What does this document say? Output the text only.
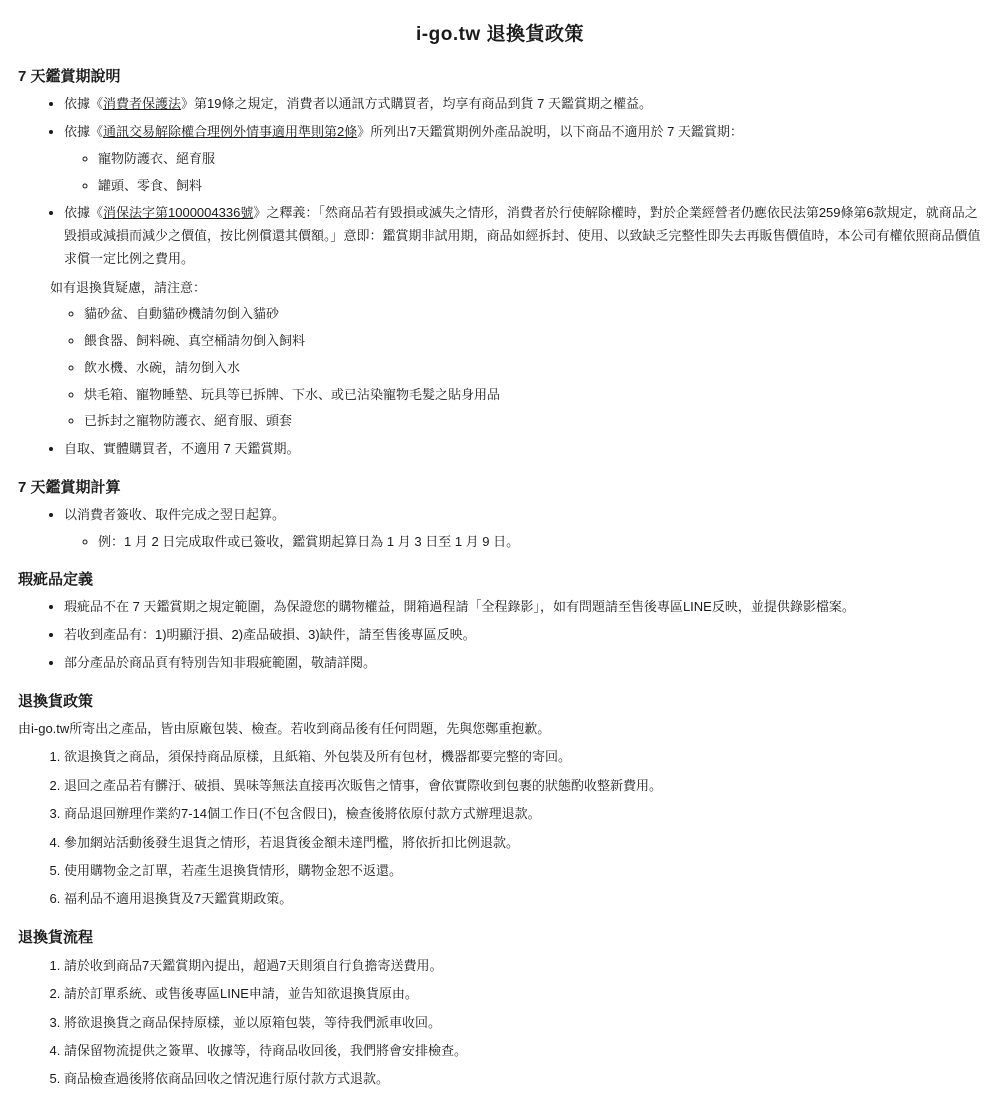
i-go.tw 退換貨政策
7 天鑑賞期說明
• 依據《消費者保護法》第19條之規定，消費者以通訊方式購買者，均享有商品到貨 7 天鑑賞期之權益。
• 依據《通訊交易解除權合理例外情事適用準則第2條》所列出7天鑑賞期例外產品說明，以下商品不適用於 7 天鑑賞期：
◦ 寵物防護衣、絕育服
◦ 罐頭、零食、飼料
• 依據《消保法字第1000004336號》之釋義：「然商品若有毀損或滅失之情形，消費者於行使解除權時，對於企業經營者仍應依民法第259條第6款規定，就商品之毀損或減損而減少之價值，按比例償還其價額。」意即：鑑賞期非試用期，商品如經拆封、使用、以致缺乏完整性即失去再販售價值時，本公司有權依照商品價值求償一定比例之費用。
如有退換貨疑慮，請注意：
◦ 貓砂盆、自動貓砂機請勿倒入貓砂
◦ 餵食器、飼料碗、真空桶請勿倒入飼料
◦ 飲水機、水碗，請勿倒入水
◦ 烘毛箱、寵物睡墊、玩具等已拆牌、下水、或已沾染寵物毛髮之貼身用品
◦ 已拆封之寵物防護衣、絕育服、頭套
• 自取、實體購買者，不適用 7 天鑑賞期。
7 天鑑賞期計算
• 以消費者簽收、取件完成之翌日起算。
◦ 例：1 月 2 日完成取件或已簽收，鑑賞期起算日為 1 月 3 日至 1 月 9 日。
瑕疵品定義
• 瑕疵品不在 7 天鑑賞期之規定範圍，為保證您的購物權益，開箱過程請「全程錄影」，如有問題請至售後專區LINE反映，並提供錄影檔案。
• 若收到產品有：1)明顯汙損、2)產品破損、3)缺件，請至售後專區反映。
• 部分產品於商品頁有特別告知非瑕疵範圍，敬請詳閱。
退換貨政策
由i-go.tw所寄出之產品，皆由原廠包裝、檢查。若收到商品後有任何問題，先與您鄭重抱歉。
1. 欲退換貨之商品，須保持商品原樣，且紙箱、外包裝及所有包材，機器都要完整的寄回。
2. 退回之產品若有髒汙、破損、異味等無法直接再次販售之情事，會依實際收到包裹的狀態酌收整新費用。
3. 商品退回辦理作業約7-14個工作日(不包含假日)，檢查後將依原付款方式辦理退款。
4. 參加網站活動後發生退貨之情形，若退貨後金額未達門檻，將依折扣比例退款。
5. 使用購物金之訂單，若產生退換貨情形，購物金恕不返還。
6. 福利品不適用退換貨及7天鑑賞期政策。
退換貨流程
1. 請於收到商品7天鑑賞期內提出，超過7天則須自行負擔寄送費用。
2. 請於訂單系統、或售後專區LINE申請，並告知欲退換貨原由。
3. 將欲退換貨之商品保持原樣，並以原箱包裝，等待我們派車收回。
4. 請保留物流提供之簽單、收據等，待商品收回後，我們將會安排檢查。
5. 商品檢查過後將依商品回收之情況進行原付款方式退款。
